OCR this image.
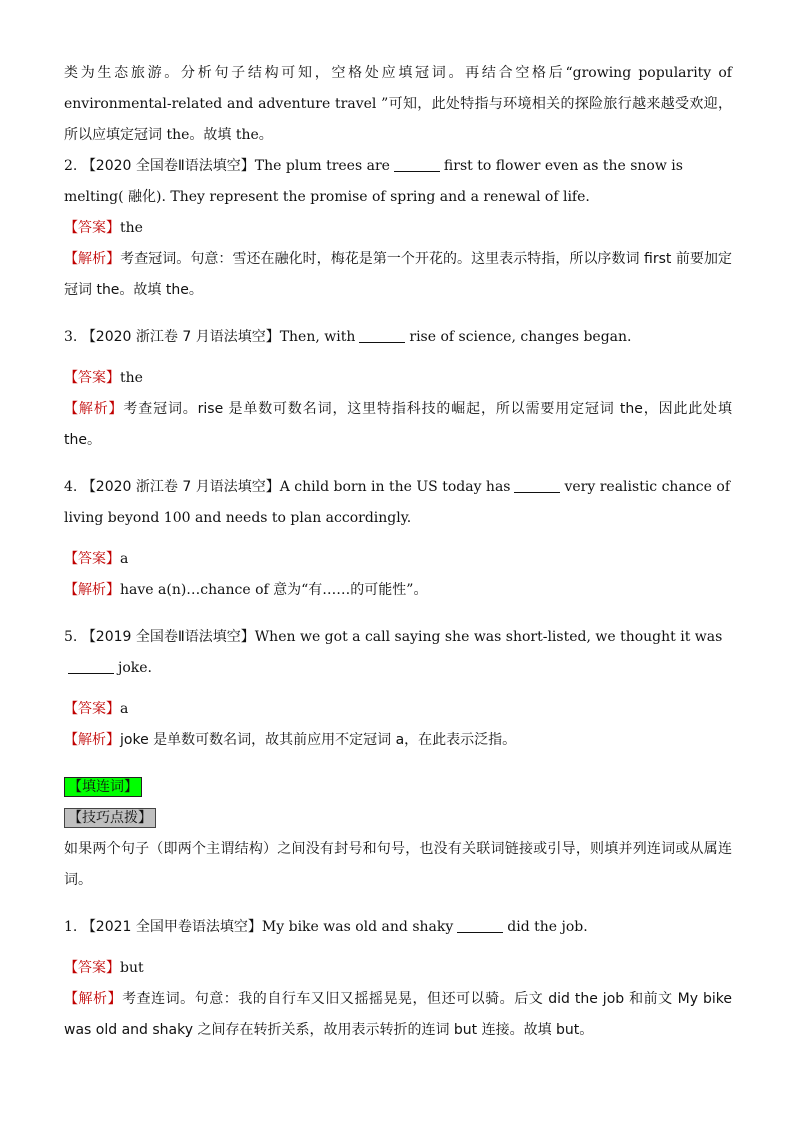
类为生态旅游。分析句子结构可知，空格处应填冠词。再结合空格后“growing popularity of environmental-related and adventure travel ”可知，此处特指与环境相关的探险旅行越来越受欢迎，所以应填定冠词 the。故填 the。

2. 【2020 全国卷Ⅱ语法填空】The plum trees are	first to flower even as the snow is melting( 融化). They represent the promise of spring and a renewal of life.

【答案】the

【解析】考查冠词。句意：雪还在融化时，梅花是第一个开花的。这里表示特指，所以序数词 first 前要加定冠词 the。故填 the。

3. 【2020 浙江卷 7 月语法填空】Then, with	rise of science, changes began.

【答案】the

【解析】考查冠词。rise 是单数可数名词，这里特指科技的崛起，所以需要用定冠词 the，因此此处填 the。

4. 【2020 浙江卷 7 月语法填空】A child born in the US today has	very realistic chance of living beyond 100 and needs to plan accordingly.

【答案】a

【解析】have a(n)…chance of 意为“有……的可能性”。

5. 【2019 全国卷Ⅱ语法填空】When we got a call saying she was short-listed, we thought it wasjoke.

【答案】a

【解析】joke 是单数可数名词，故其前应用不定冠词 a，在此表示泛指。

【填连词】

【技巧点拨】

如果两个句子（即两个主谓结构）之间没有封号和句号，也没有关联词链接或引导，则填并列连词或从属连词。

1. 【2021 全国甲卷语法填空】My bike was old and shaky	did the job.

【答案】but

【解析】考查连词。句意：我的自行车又旧又摇摇晃晃，但还可以骑。后文 did the job 和前文 My bike was old and shaky 之间存在转折关系，故用表示转折的连词 but 连接。故填 but。
